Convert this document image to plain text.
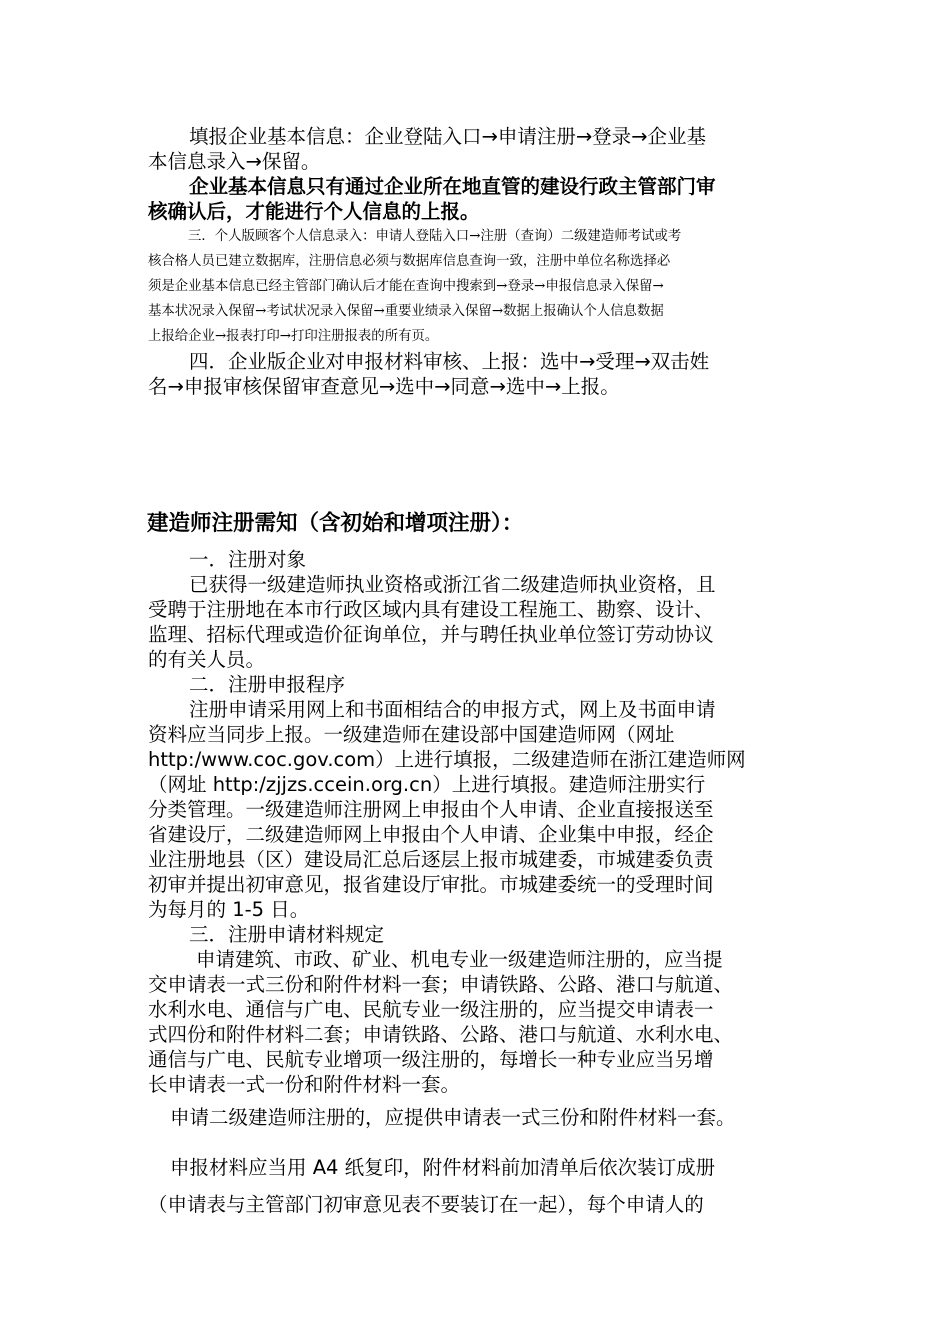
填报企业基本信息：企业登陆入口→申请注册→登录→企业基
本信息录入→保留。

企业基本信息只有通过企业所在地直管的建设行政主管部门审
核确认后，才能进行个人信息的上报。

三．个人版顾客个人信息录入：申请人登陆入口→注册（查询）二级建造师考试或考
核合格人员已建立数据库，注册信息必须与数据库信息查询一致，注册中单位名称选择必
须是企业基本信息已经主管部门确认后才能在查询中搜索到→登录→申报信息录入保留→
基本状况录入保留→考试状况录入保留→重要业绩录入保留→数据上报确认个人信息数据
上报给企业→报表打印→打印注册报表的所有页。

四．企业版企业对申报材料审核、上报：选中→受理→双击姓
名→申报审核保留审查意见→选中→同意→选中→上报。

建造师注册需知（含初始和增项注册）：

一．注册对象

已获得一级建造师执业资格或浙江省二级建造师执业资格，且
受聘于注册地在本市行政区域内具有建设工程施工、勘察、设计、
监理、招标代理或造价征询单位，并与聘任执业单位签订劳动协议
的有关人员。

二．注册申报程序

注册申请采用网上和书面相结合的申报方式，网上及书面申请
资料应当同步上报。一级建造师在建设部中国建造师网（网址
http:/www.coc.gov.com）上进行填报，二级建造师在浙江建造师网
（网址 http:/zjjzs.ccein.org.cn）上进行填报。建造师注册实行
分类管理。一级建造师注册网上申报由个人申请、企业直接报送至
省建设厅，二级建造师网上申报由个人申请、企业集中申报，经企
业注册地县（区）建设局汇总后逐层上报市城建委，市城建委负责
初审并提出初审意见，报省建设厅审批。市城建委统一的受理时间
为每月的 1-5 日。

三．注册申请材料规定

申请建筑、市政、矿业、机电专业一级建造师注册的，应当提
交申请表一式三份和附件材料一套；申请铁路、公路、港口与航道、
水利水电、通信与广电、民航专业一级注册的，应当提交申请表一
式四份和附件材料二套；申请铁路、公路、港口与航道、水利水电、
通信与广电、民航专业增项一级注册的，每增长一种专业应当另增
长申请表一式一份和附件材料一套。

申请二级建造师注册的，应提供申请表一式三份和附件材料一套。

申报材料应当用 A4 纸复印，附件材料前加清单后依次装订成册
（申请表与主管部门初审意见表不要装订在一起），每个申请人的
